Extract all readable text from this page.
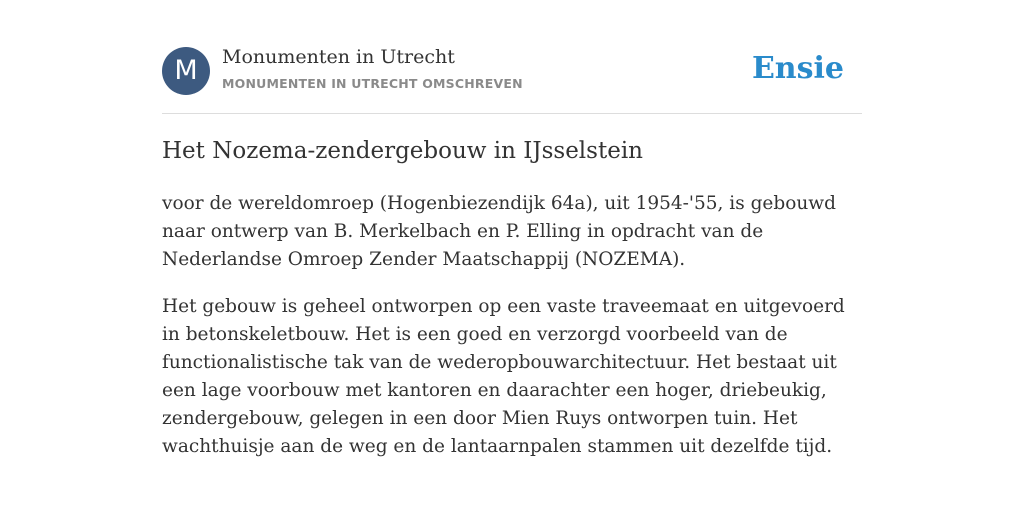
M	Monumenten in Utrecht
MONUMENTEN IN UTRECHT OMSCHREVEN	Ensie
Het Nozema-zendergebouw in IJsselstein

voor de wereldomroep (Hogenbiezendijk 64a), uit 1954-'55, is gebouwd naar ontwerp van B. Merkelbach en P. Elling in opdracht van de Nederlandse Omroep Zender Maatschappij (NOZEMA).

Het gebouw is geheel ontworpen op een vaste traveemaat en uitgevoerd in betonskeletbouw. Het is een goed en verzorgd voorbeeld van de functionalistische tak van de wederopbouwarchitectuur. Het bestaat uit een lage voorbouw met kantoren en daarachter een hoger, driebeukig, zendergebouw, gelegen in een door Mien Ruys ontworpen tuin. Het wachthuisje aan de weg en de lantaarnpalen stammen uit dezelfde tijd.
